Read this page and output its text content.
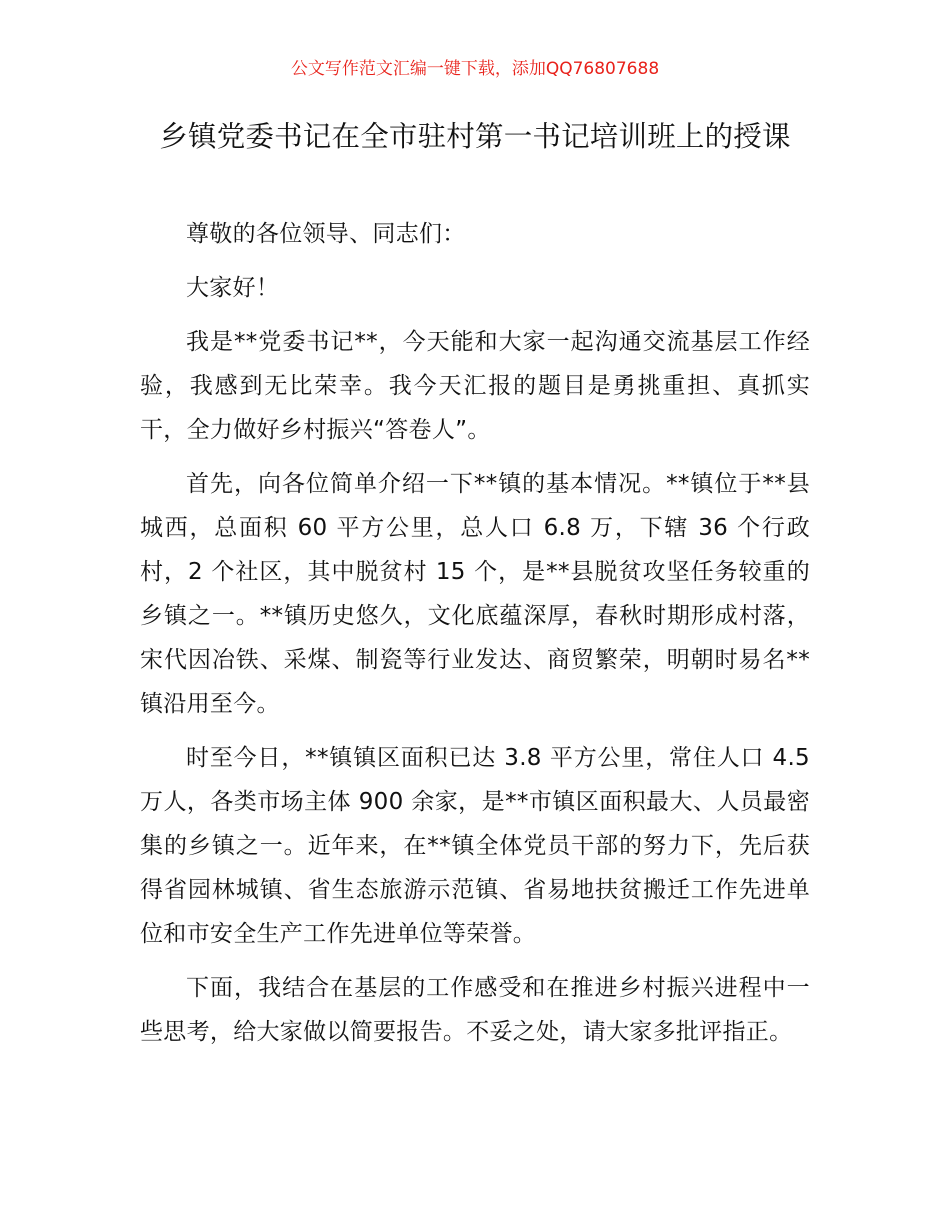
公文写作范文汇编一键下载，添加QQ76807688

乡镇党委书记在全市驻村第一书记培训班上的授课

尊敬的各位领导、同志们：

大家好！

我是**党委书记**，今天能和大家一起沟通交流基层工作经验，我感到无比荣幸。我今天汇报的题目是勇挑重担、真抓实干，全力做好乡村振兴“答卷人”。

首先，向各位简单介绍一下**镇的基本情况。**镇位于**县城西，总面积 60 平方公里，总人口 6.8 万，下辖 36 个行政村，2 个社区，其中脱贫村 15 个，是**县脱贫攻坚任务较重的乡镇之一。**镇历史悠久，文化底蕴深厚，春秋时期形成村落，宋代因冶铁、采煤、制瓷等行业发达、商贸繁荣，明朝时易名**镇沿用至今。

时至今日，**镇镇区面积已达 3.8 平方公里，常住人口 4.5 万人，各类市场主体 900 余家，是**市镇区面积最大、人员最密集的乡镇之一。近年来，在**镇全体党员干部的努力下，先后获得省园林城镇、省生态旅游示范镇、省易地扶贫搬迁工作先进单位和市安全生产工作先进单位等荣誉。

下面，我结合在基层的工作感受和在推进乡村振兴进程中一些思考，给大家做以简要报告。不妥之处，请大家多批评指正。
